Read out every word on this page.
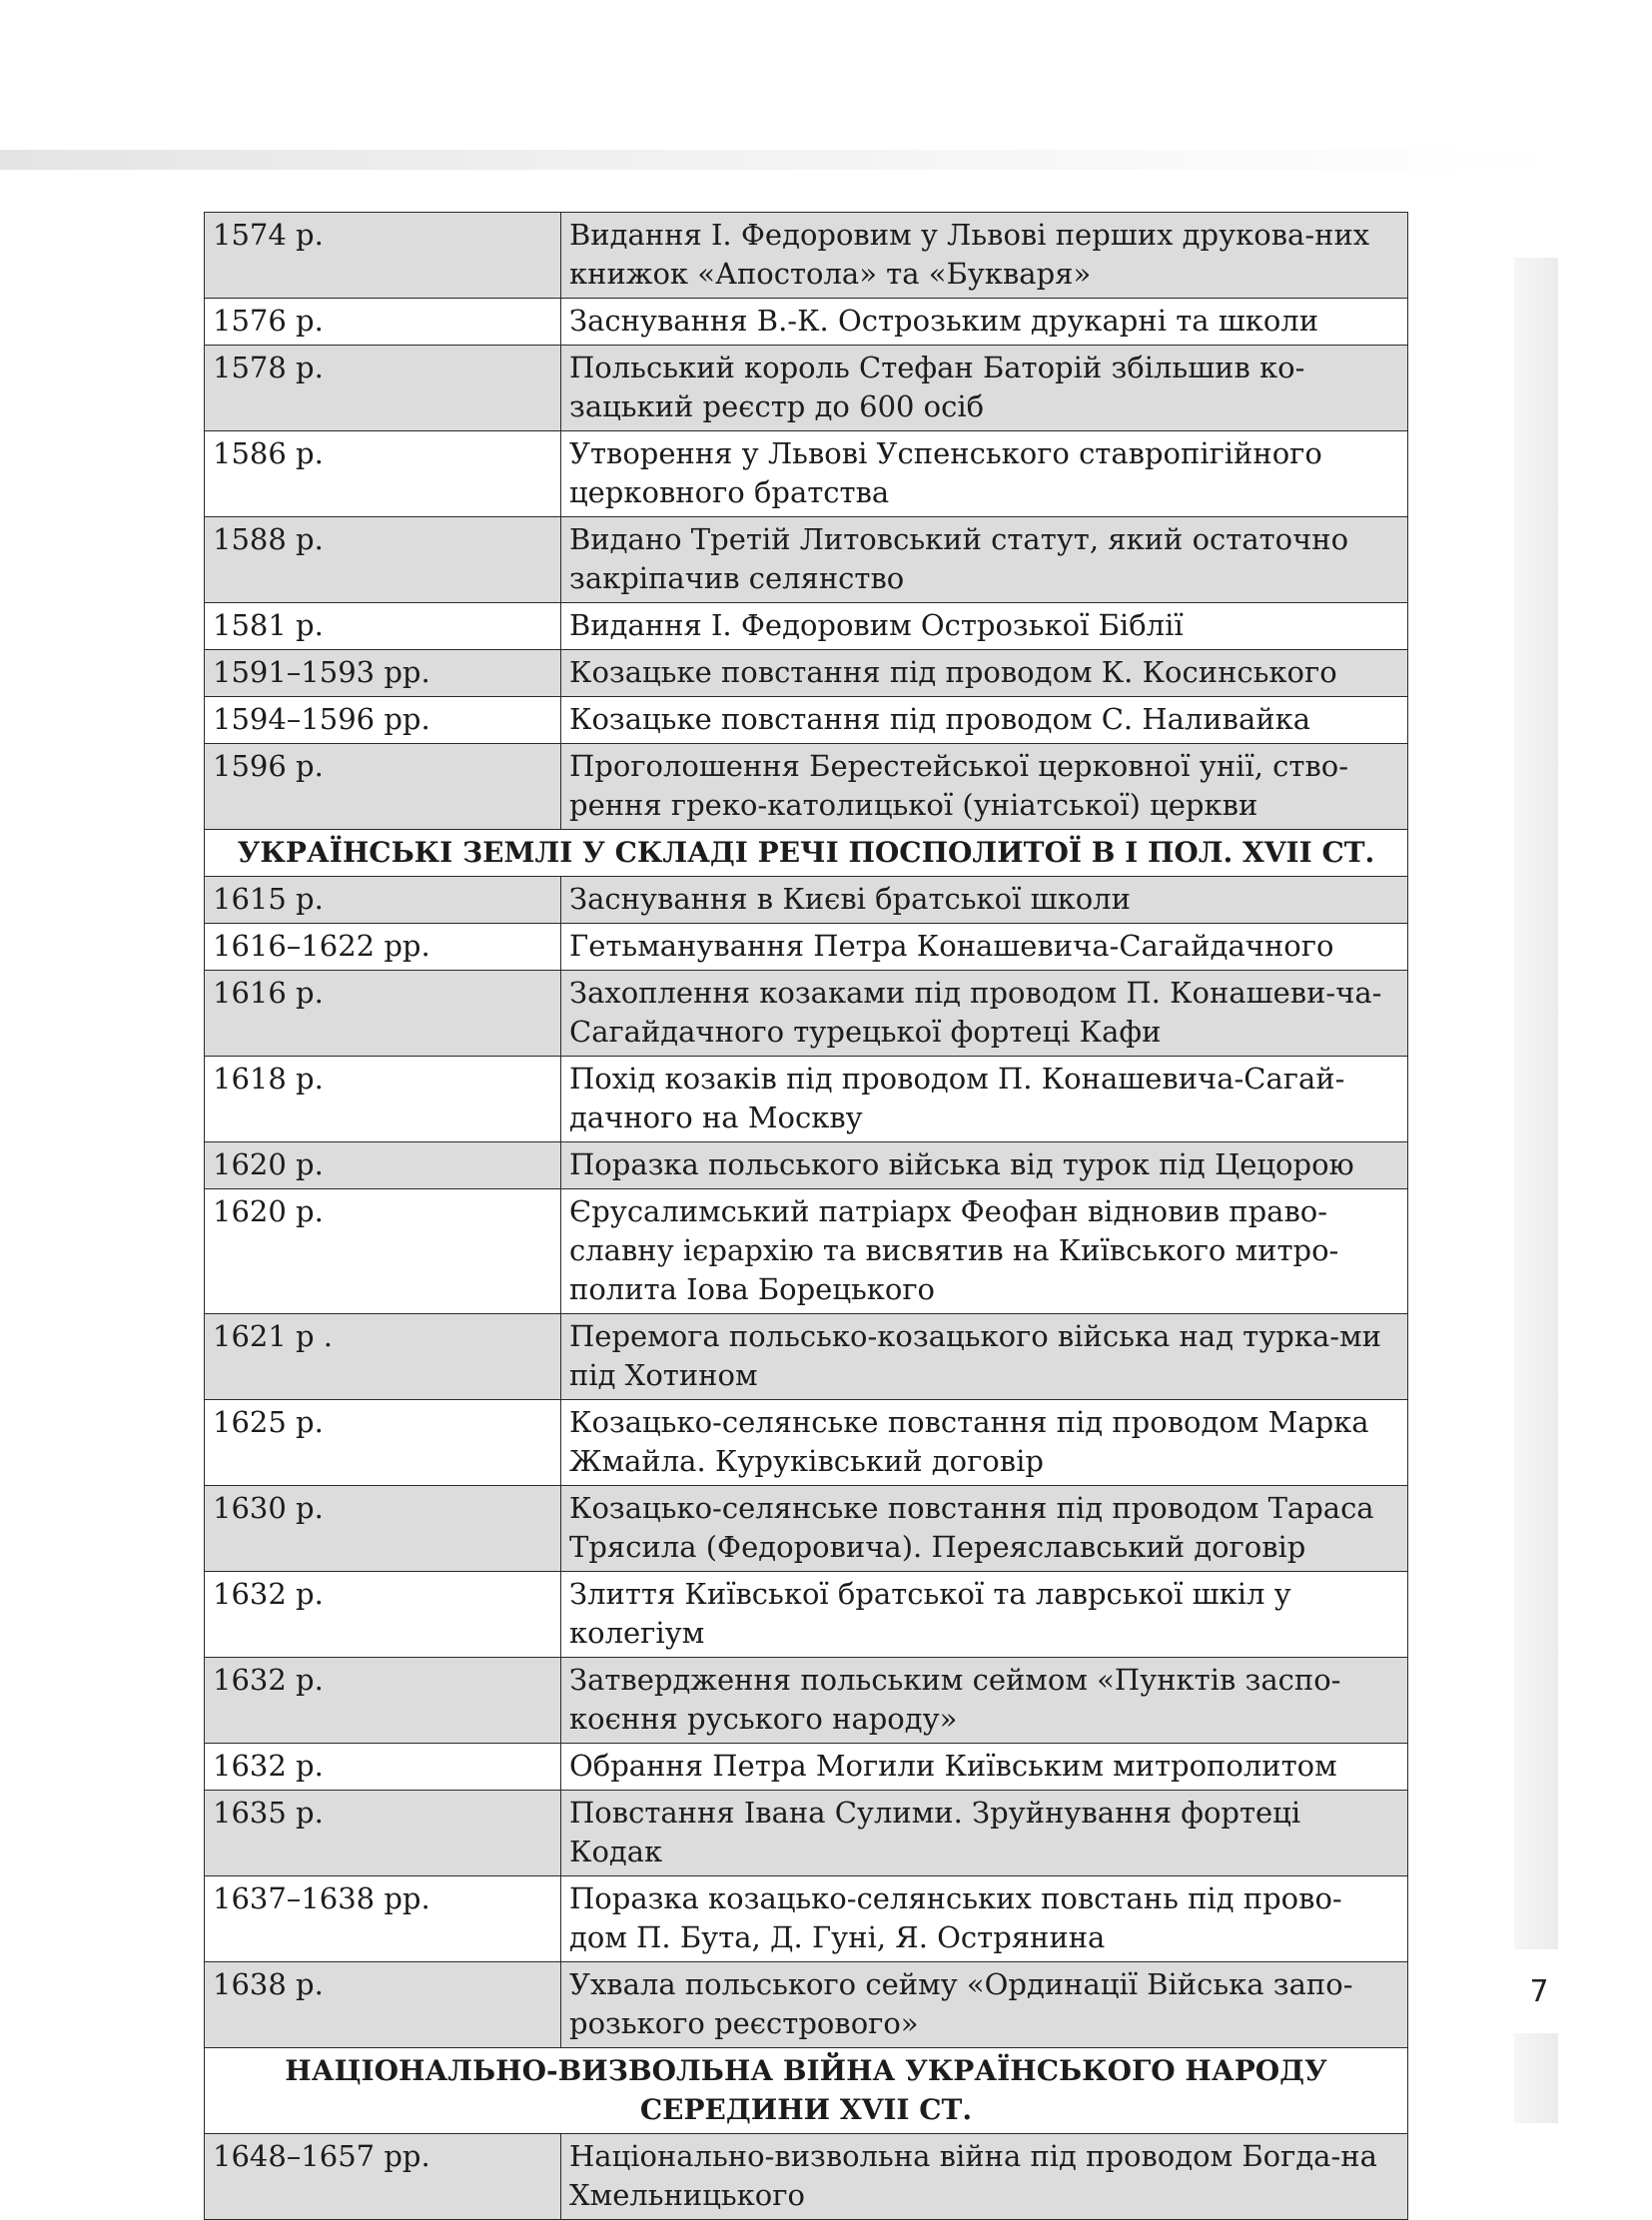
1574 р.	Видання І. Федоровим у Львові перших друкова-них книжок «Апостола» та «Букваря»
1576 р.	Заснування В.-К. Острозьким друкарні та школи
1578 р.	Польський король Стефан Баторій збільшив ко-зацький реєстр до 600 осіб
1586 р.	Утворення у Львові Успенського ставропігійного церковного братства
1588 р.	Видано Третій Литовський статут, який остаточно закріпачив селянство
1581 р.	Видання І. Федоровим Острозької Біблії
1591–1593 рр.	Козацьке повстання під проводом К. Косинського
1594–1596 рр.	Козацьке повстання під проводом С. Наливайка
1596 р.	Проголошення Берестейської церковної унії, ство-рення греко-католицької (уніатської) церкви
УКРАЇНСЬКІ ЗЕМЛІ У СКЛАДІ РЕЧІ ПОСПОЛИТОЇ В І ПОЛ. XVII СТ.	
1615 р.	Заснування в Києві братської школи
1616–1622 рр.	Гетьманування Петра Конашевича-Сагайдачного
1616 р.	Захоплення козаками під проводом П. Конашеви-ча-Сагайдачного турецької фортеці Кафи
1618 р.	Похід козаків під проводом П. Конашевича-Сагай-дачного на Москву
1620 р.	Поразка польського війська від турок під Цецорою
1620 р.	Єрусалимський патріарх Феофан відновив право-славну ієрархію та висвятив на Київського митро-полита Іова Борецького
1621 р .	Перемога польсько-козацького війська над турка-ми під Хотином
1625 р.	Козацько-селянське повстання під проводом Марка Жмайла. Куруківський договір
1630 р.	Козацько-селянське повстання під проводом Тараса Трясила (Федоровича). Переяславський договір
1632 р.	Злиття Київської братської та лаврської шкіл у колегіум
1632 р.	Затвердження польським сеймом «Пунктів заспо-коєння руського народу»
1632 р.	Обрання Петра Могили Київським митрополитом
1635 р.	Повстання Івана Сулими. Зруйнування фортеці Кодак
1637–1638 рр.	Поразка козацько-селянських повстань під прово-дом П. Бута, Д. Гуні, Я. Острянина
1638 р.	Ухвала польського сейму «Ординації Війська запо-розького реєстрового»
НАЦІОНАЛЬНО-ВИЗВОЛЬНА ВІЙНА УКРАЇНСЬКОГО НАРОДУ СЕРЕДИНИ XVII СТ.	
1648–1657 рр.	Національно-визвольна війна під проводом Богда-на Хмельницького
7
